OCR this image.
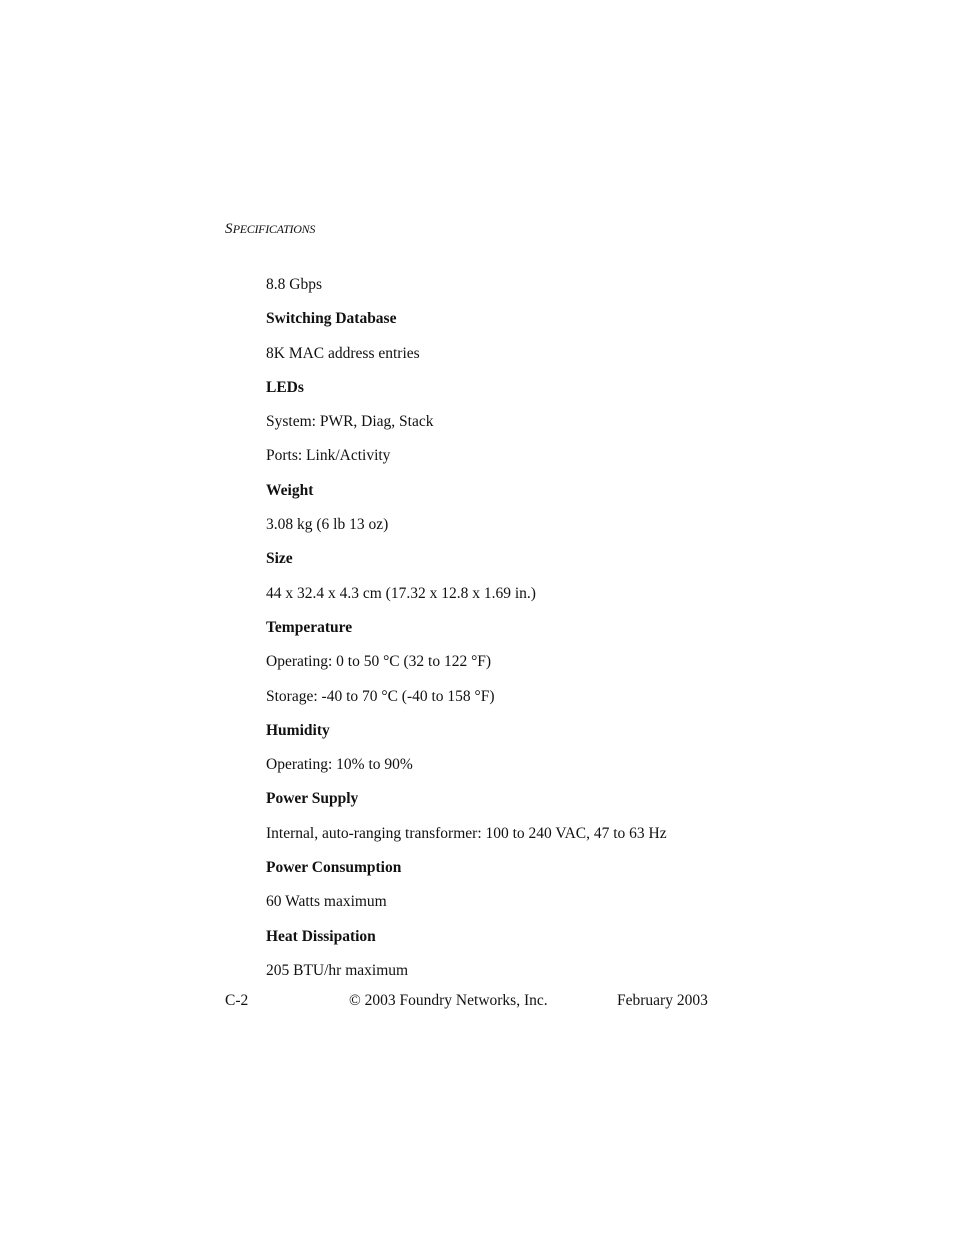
SPECIFICATIONS
8.8 Gbps
Switching Database
8K MAC address entries
LEDs
System: PWR, Diag, Stack
Ports: Link/Activity
Weight
3.08 kg (6 lb 13 oz)
Size
44 x 32.4 x 4.3 cm (17.32 x 12.8 x 1.69 in.)
Temperature
Operating: 0 to 50 °C (32 to 122 °F)
Storage: -40 to 70 °C (-40 to 158 °F)
Humidity
Operating: 10% to 90%
Power Supply
Internal, auto-ranging transformer: 100 to 240 VAC, 47 to 63 Hz
Power Consumption
60 Watts maximum
Heat Dissipation
205 BTU/hr maximum
C-2	© 2003 Foundry Networks, Inc.	February 2003
